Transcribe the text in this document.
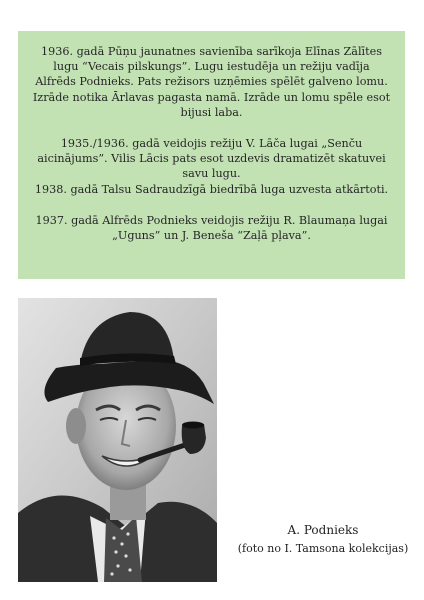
1936. gadā Pūņu jaunatnes savienība sarīkoja Elīnas Zālītes lugu “Vecais pilskungs”. Lugu iestudēja un režiju vadīja Alfrēds Podnieks. Pats režisors uzņēmies spēlēt galveno lomu. Izrāde notika Ārlavas pagasta namā. Izrāde un lomu spēle esot bijusi laba.

1935./1936. gadā veidojis režiju V. Lāča lugai „Senču aicinājums”. Vilis Lācis pats esot uzdevis dramatizēt skatuvei savu lugu.

1938. gadā Talsu Sadraudzīgā biedrībā luga uzvesta atkārtoti.

1937. gadā Alfrēds Podnieks veidojis režiju R. Blaumaņa lugai „Uguns” un J. Beneša “Zaļā pļava”.

A. Podnieks

(foto no I. Tamsona kolekcijas)
